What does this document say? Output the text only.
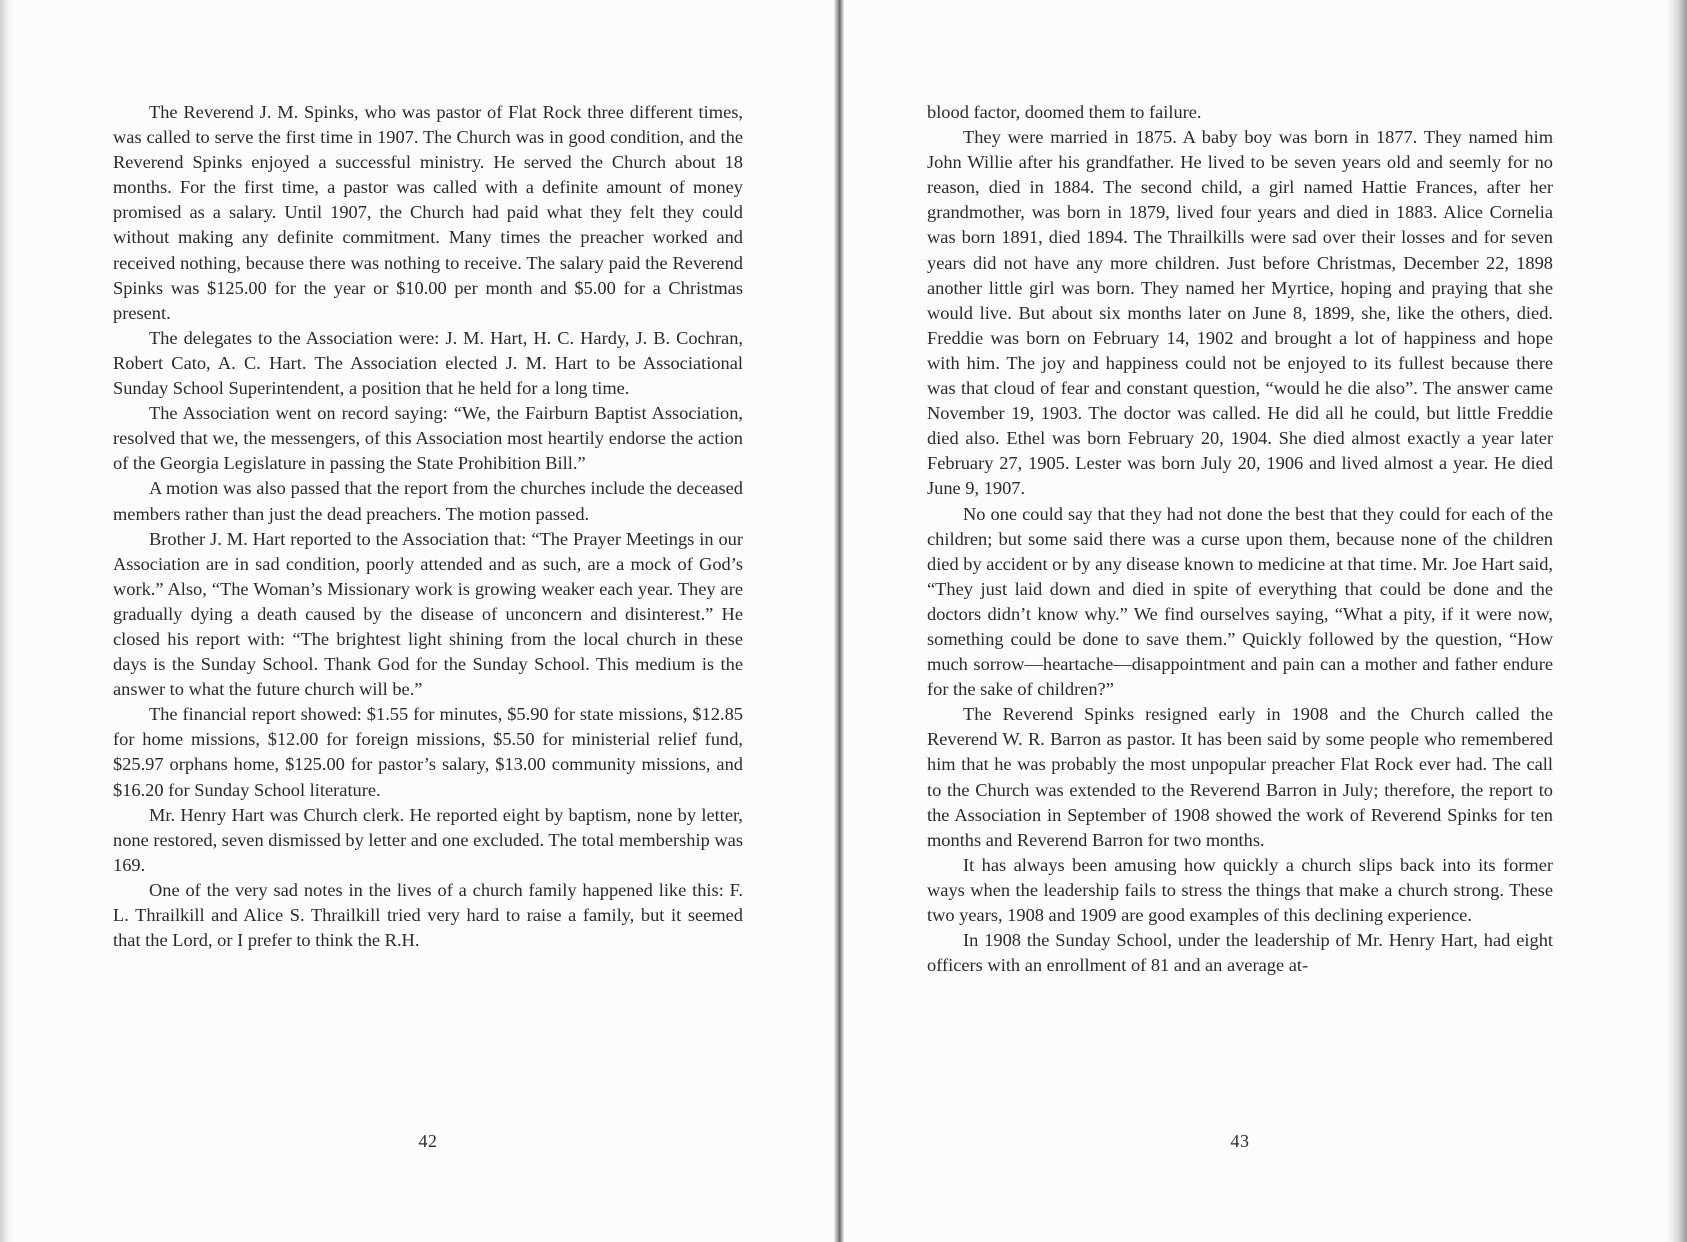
The Reverend J. M. Spinks, who was pastor of Flat Rock three different times, was called to serve the first time in 1907. The Church was in good condition, and the Reverend Spinks enjoyed a successful ministry. He served the Church about 18 months. For the first time, a pastor was called with a definite amount of money promised as a salary. Until 1907, the Church had paid what they felt they could without making any definite commitment. Many times the preacher worked and received nothing, because there was nothing to receive. The salary paid the Reverend Spinks was $125.00 for the year or $10.00 per month and $5.00 for a Christmas present.

The delegates to the Association were: J. M. Hart, H. C. Hardy, J. B. Cochran, Robert Cato, A. C. Hart. The Association elected J. M. Hart to be Associational Sunday School Superintendent, a position that he held for a long time.

The Association went on record saying: “We, the Fairburn Baptist Association, resolved that we, the messengers, of this Association most heartily endorse the action of the Georgia Legislature in passing the State Prohibition Bill.”

A motion was also passed that the report from the churches include the deceased members rather than just the dead preachers. The motion passed.

Brother J. M. Hart reported to the Association that: “The Prayer Meetings in our Association are in sad condition, poorly attended and as such, are a mock of God’s work.” Also, “The Woman’s Missionary work is growing weaker each year. They are gradually dying a death caused by the disease of unconcern and disinterest.” He closed his report with: “The brightest light shining from the local church in these days is the Sunday School. Thank God for the Sunday School. This medium is the answer to what the future church will be.”

The financial report showed: $1.55 for minutes, $5.90 for state missions, $12.85 for home missions, $12.00 for foreign missions, $5.50 for ministerial relief fund, $25.97 orphans home, $125.00 for pastor’s salary, $13.00 community missions, and $16.20 for Sunday School literature.

Mr. Henry Hart was Church clerk. He reported eight by baptism, none by letter, none restored, seven dismissed by letter and one excluded. The total membership was 169.

One of the very sad notes in the lives of a church family happened like this: F. L. Thrailkill and Alice S. Thrailkill tried very hard to raise a family, but it seemed that the Lord, or I prefer to think the R.H.

42

blood factor, doomed them to failure.

They were married in 1875. A baby boy was born in 1877. They named him John Willie after his grandfather. He lived to be seven years old and seemly for no reason, died in 1884. The second child, a girl named Hattie Frances, after her grandmother, was born in 1879, lived four years and died in 1883. Alice Cornelia was born 1891, died 1894. The Thrailkills were sad over their losses and for seven years did not have any more children. Just before Christmas, December 22, 1898 another little girl was born. They named her Myrtice, hoping and praying that she would live. But about six months later on June 8, 1899, she, like the others, died. Freddie was born on February 14, 1902 and brought a lot of happiness and hope with him. The joy and happiness could not be enjoyed to its fullest because there was that cloud of fear and constant question, “would he die also”. The answer came November 19, 1903. The doctor was called. He did all he could, but little Freddie died also. Ethel was born February 20, 1904. She died almost exactly a year later February 27, 1905. Lester was born July 20, 1906 and lived almost a year. He died June 9, 1907.

No one could say that they had not done the best that they could for each of the children; but some said there was a curse upon them, because none of the children died by accident or by any disease known to medicine at that time. Mr. Joe Hart said, “They just laid down and died in spite of everything that could be done and the doctors didn’t know why.” We find ourselves saying, “What a pity, if it were now, something could be done to save them.” Quickly followed by the question, “How much sorrow—heartache—disappointment and pain can a mother and father endure for the sake of children?”

The Reverend Spinks resigned early in 1908 and the Church called the Reverend W. R. Barron as pastor. It has been said by some people who remembered him that he was probably the most unpopular preacher Flat Rock ever had. The call to the Church was extended to the Reverend Barron in July; therefore, the report to the Association in September of 1908 showed the work of Reverend Spinks for ten months and Reverend Barron for two months.

It has always been amusing how quickly a church slips back into its former ways when the leadership fails to stress the things that make a church strong. These two years, 1908 and 1909 are good examples of this declining experience.

In 1908 the Sunday School, under the leadership of Mr. Henry Hart, had eight officers with an enrollment of 81 and an average at-

43
